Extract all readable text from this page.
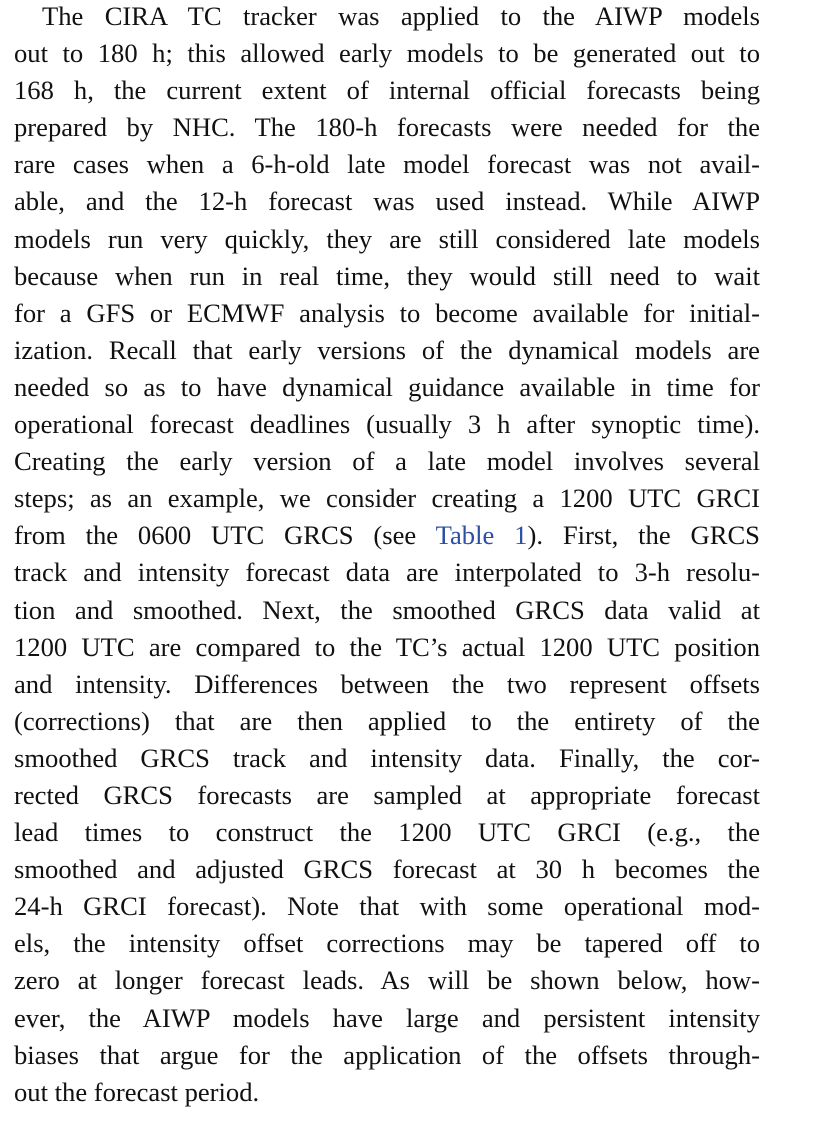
The CIRA TC tracker was applied to the AIWP models
out to 180 h; this allowed early models to be generated out to
168 h, the current extent of internal official forecasts being
prepared by NHC. The 180-h forecasts were needed for the
rare cases when a 6-h-old late model forecast was not avail-
able, and the 12-h forecast was used instead. While AIWP
models run very quickly, they are still considered late models
because when run in real time, they would still need to wait
for a GFS or ECMWF analysis to become available for initial-
ization. Recall that early versions of the dynamical models are
needed so as to have dynamical guidance available in time for
operational forecast deadlines (usually 3 h after synoptic time).
Creating the early version of a late model involves several
steps; as an example, we consider creating a 1200 UTC GRCI
from the 0600 UTC GRCS (see Table 1). First, the GRCS
track and intensity forecast data are interpolated to 3-h resolu-
tion and smoothed. Next, the smoothed GRCS data valid at
1200 UTC are compared to the TC’s actual 1200 UTC position
and intensity. Differences between the two represent offsets
(corrections) that are then applied to the entirety of the
smoothed GRCS track and intensity data. Finally, the cor-
rected GRCS forecasts are sampled at appropriate forecast
lead times to construct the 1200 UTC GRCI (e.g., the
smoothed and adjusted GRCS forecast at 30 h becomes the
24-h GRCI forecast). Note that with some operational mod-
els, the intensity offset corrections may be tapered off to
zero at longer forecast leads. As will be shown below, how-
ever, the AIWP models have large and persistent intensity
biases that argue for the application of the offsets through-
out the forecast period.
